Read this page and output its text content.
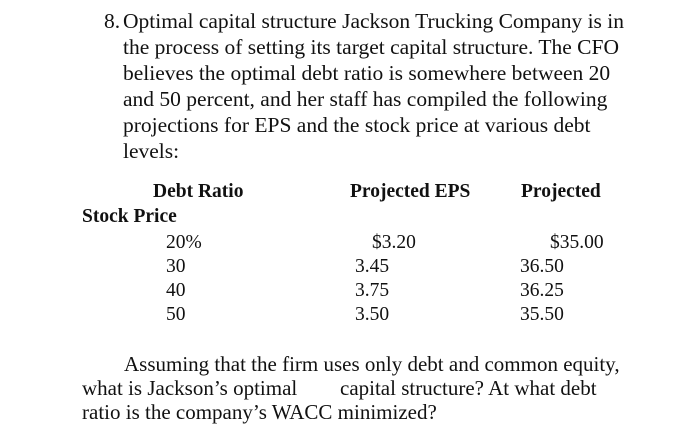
8. Optimal capital structure Jackson Trucking Company is in
the process of setting its target capital structure. The CFO
believes the optimal debt ratio is somewhere between 20
and 50 percent, and her staff has compiled the following
projections for EPS and the stock price at various debt
levels:
Debt Ratio	Projected EPS	Projected
Stock Price
20%
30
40
50
$3.20
3.45
3.75
3.50
$35.00
36.50
36.25
35.50
Assuming that the firm uses only debt and common equity,
what is Jackson’s optimal capital structure? At what debt
ratio is the company’s WACC minimized?
